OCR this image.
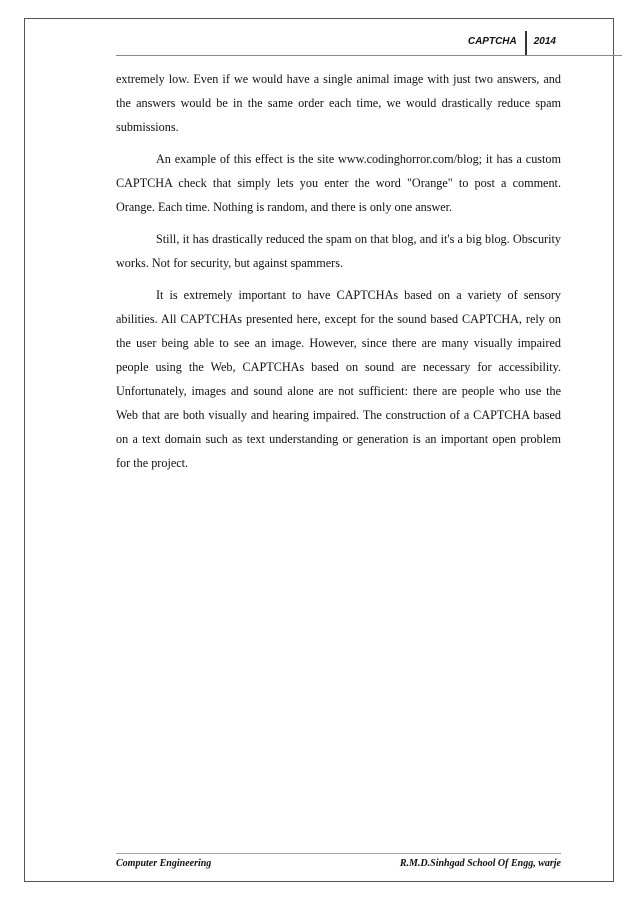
CAPTCHA	2014

extremely low. Even if we would have a single animal image with just two answers, and the answers would be in the same order each time, we would drastically reduce spam submissions.

An example of this effect is the site www.codinghorror.com/blog; it has a custom CAPTCHA check that simply lets you enter the word "Orange" to post a comment. Orange. Each time. Nothing is random, and there is only one answer.

Still, it has drastically reduced the spam on that blog, and it's a big blog. Obscurity works. Not for security, but against spammers.

It is extremely important to have CAPTCHAs based on a variety of sensory abilities. All CAPTCHAs presented here, except for the sound based CAPTCHA, rely on the user being able to see an image. However, since there are many visually impaired people using the Web, CAPTCHAs based on sound are necessary for accessibility. Unfortunately, images and sound alone are not sufficient: there are people who use the Web that are both visually and hearing impaired. The construction of a CAPTCHA based on a text domain such as text understanding or generation is an important open problem for the project.

Computer Engineering	R.M.D.Sinhgad School Of Engg, warje
